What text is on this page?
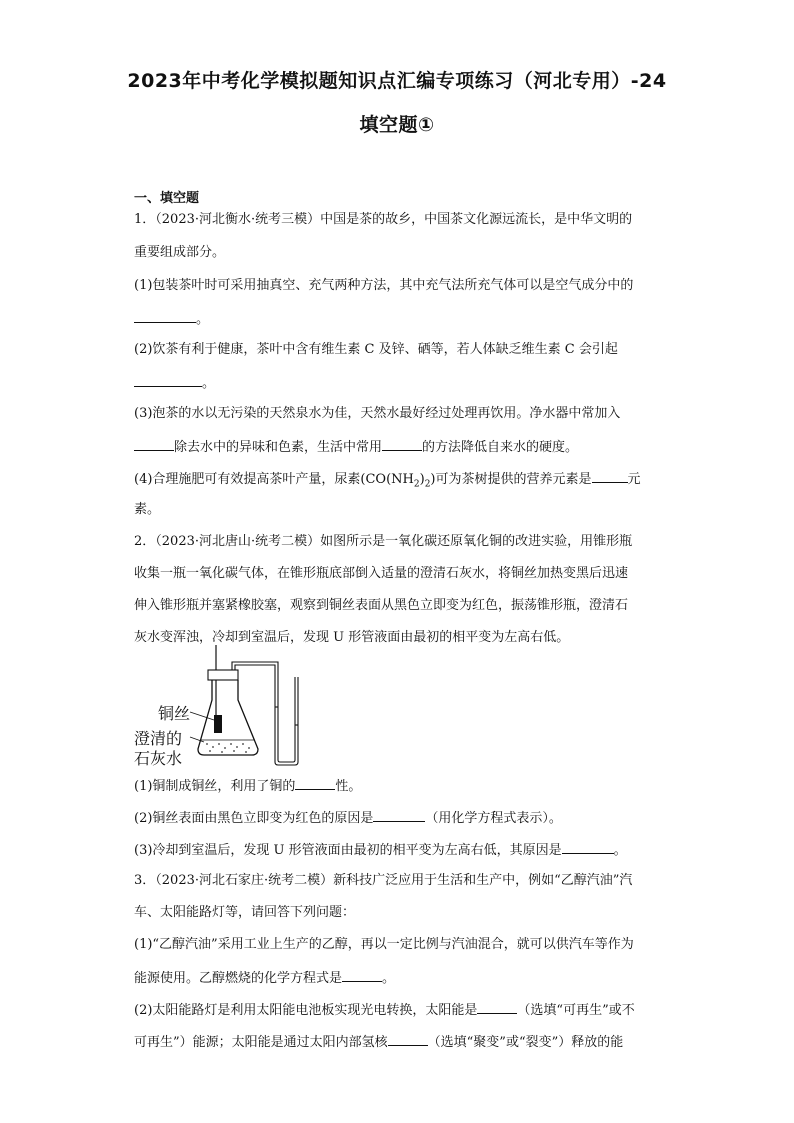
2023年中考化学模拟题知识点汇编专项练习（河北专用）-24
填空题①
一、填空题
1．（2023·河北衡水·统考三模）中国是茶的故乡，中国茶文化源远流长，是中华文明的
重要组成部分。
(1)包装茶叶时可采用抽真空、充气两种方法，其中充气法所充气体可以是空气成分中的
。
(2)饮茶有利于健康，茶叶中含有维生素 C 及锌、硒等，若人体缺乏维生素 C 会引起
。
(3)泡茶的水以无污染的天然泉水为佳，天然水最好经过处理再饮用。净水器中常加入
除去水中的异味和色素，生活中常用	的方法降低自来水的硬度。
(4)合理施肥可有效提高茶叶产量，尿素$(CO(NH_2)_2)$可为茶树提供的营养元素是	元
素。
2．（2023·河北唐山·统考二模）如图所示是一氧化碳还原氧化铜的改进实验，用锥形瓶
收集一瓶一氧化碳气体，在锥形瓶底部倒入适量的澄清石灰水，将铜丝加热变黑后迅速
伸入锥形瓶并塞紧橡胶塞，观察到铜丝表面从黑色立即变为红色，振荡锥形瓶，澄清石
灰水变浑浊，冷却到室温后，发现 U 形管液面由最初的相平变为左高右低。
铜丝
澄清的
石灰水
(1)铜制成铜丝，利用了铜的	性。
(2)铜丝表面由黑色立即变为红色的原因是	（用化学方程式表示）。
(3)冷却到室温后，发现 U 形管液面由最初的相平变为左高右低，其原因是	。
3．（2023·河北石家庄·统考二模）新科技广泛应用于生活和生产中，例如“乙醇汽油”汽
车、太阳能路灯等，请回答下列问题：
(1)“乙醇汽油”采用工业上生产的乙醇，再以一定比例与汽油混合，就可以供汽车等作为
能源使用。乙醇燃烧的化学方程式是	。
(2)太阳能路灯是利用太阳能电池板实现光电转换，太阳能是	（选填“可再生”或不
可再生”）能源；太阳能是通过太阳内部氢核	（选填“聚变”或“裂变”）释放的能
